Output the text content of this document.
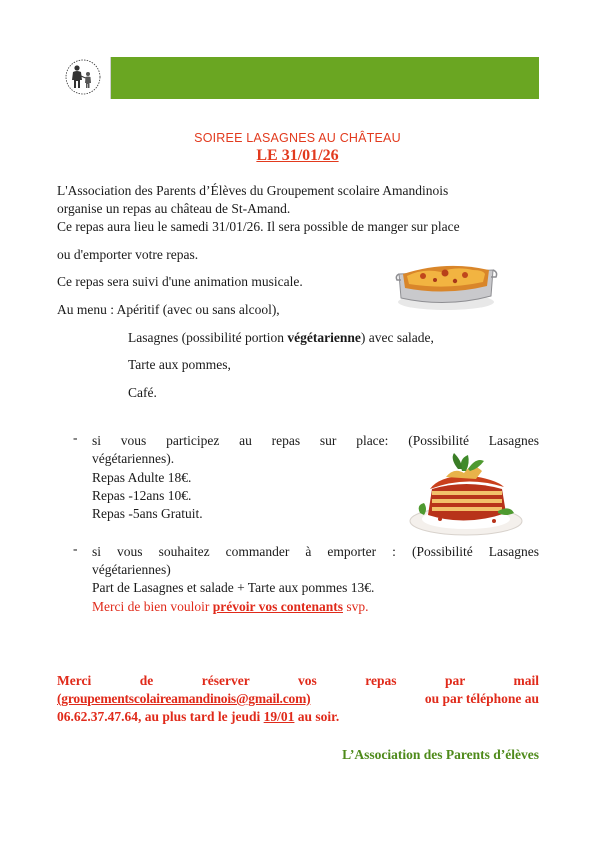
SOIREE LASAGNES AU CHÂTEAU
LE 31/01/26
L'Association des Parents d’Élèves du Groupement scolaire Amandinois
organise un repas au château de St-Amand.
Ce repas aura lieu le samedi 31/01/26. Il sera possible de manger sur place
ou d'emporter votre repas.
Ce repas sera suivi d'une animation musicale.
Au menu : Apéritif (avec ou sans alcool),
Lasagnes (possibilité portion végétarienne) avec salade,
Tarte aux pommes,
Café.
- si vous participez au repas sur place: (Possibilité Lasagnes
végétariennes).
Repas Adulte 18€.
Repas -12ans 10€.
Repas -5ans Gratuit.
- si vous souhaitez commander à emporter : (Possibilité Lasagnes
végétariennes)
Part de Lasagnes et salade + Tarte aux pommes 13€.
Merci de bien vouloir prévoir vos contenants svp.
Merci de réserver vos repas par mail
(groupementscolaireamandinois@gmail.com)	ou par téléphone au
06.62.37.47.64, au plus tard le jeudi 19/01 au soir.
L’Association des Parents d’élèves
